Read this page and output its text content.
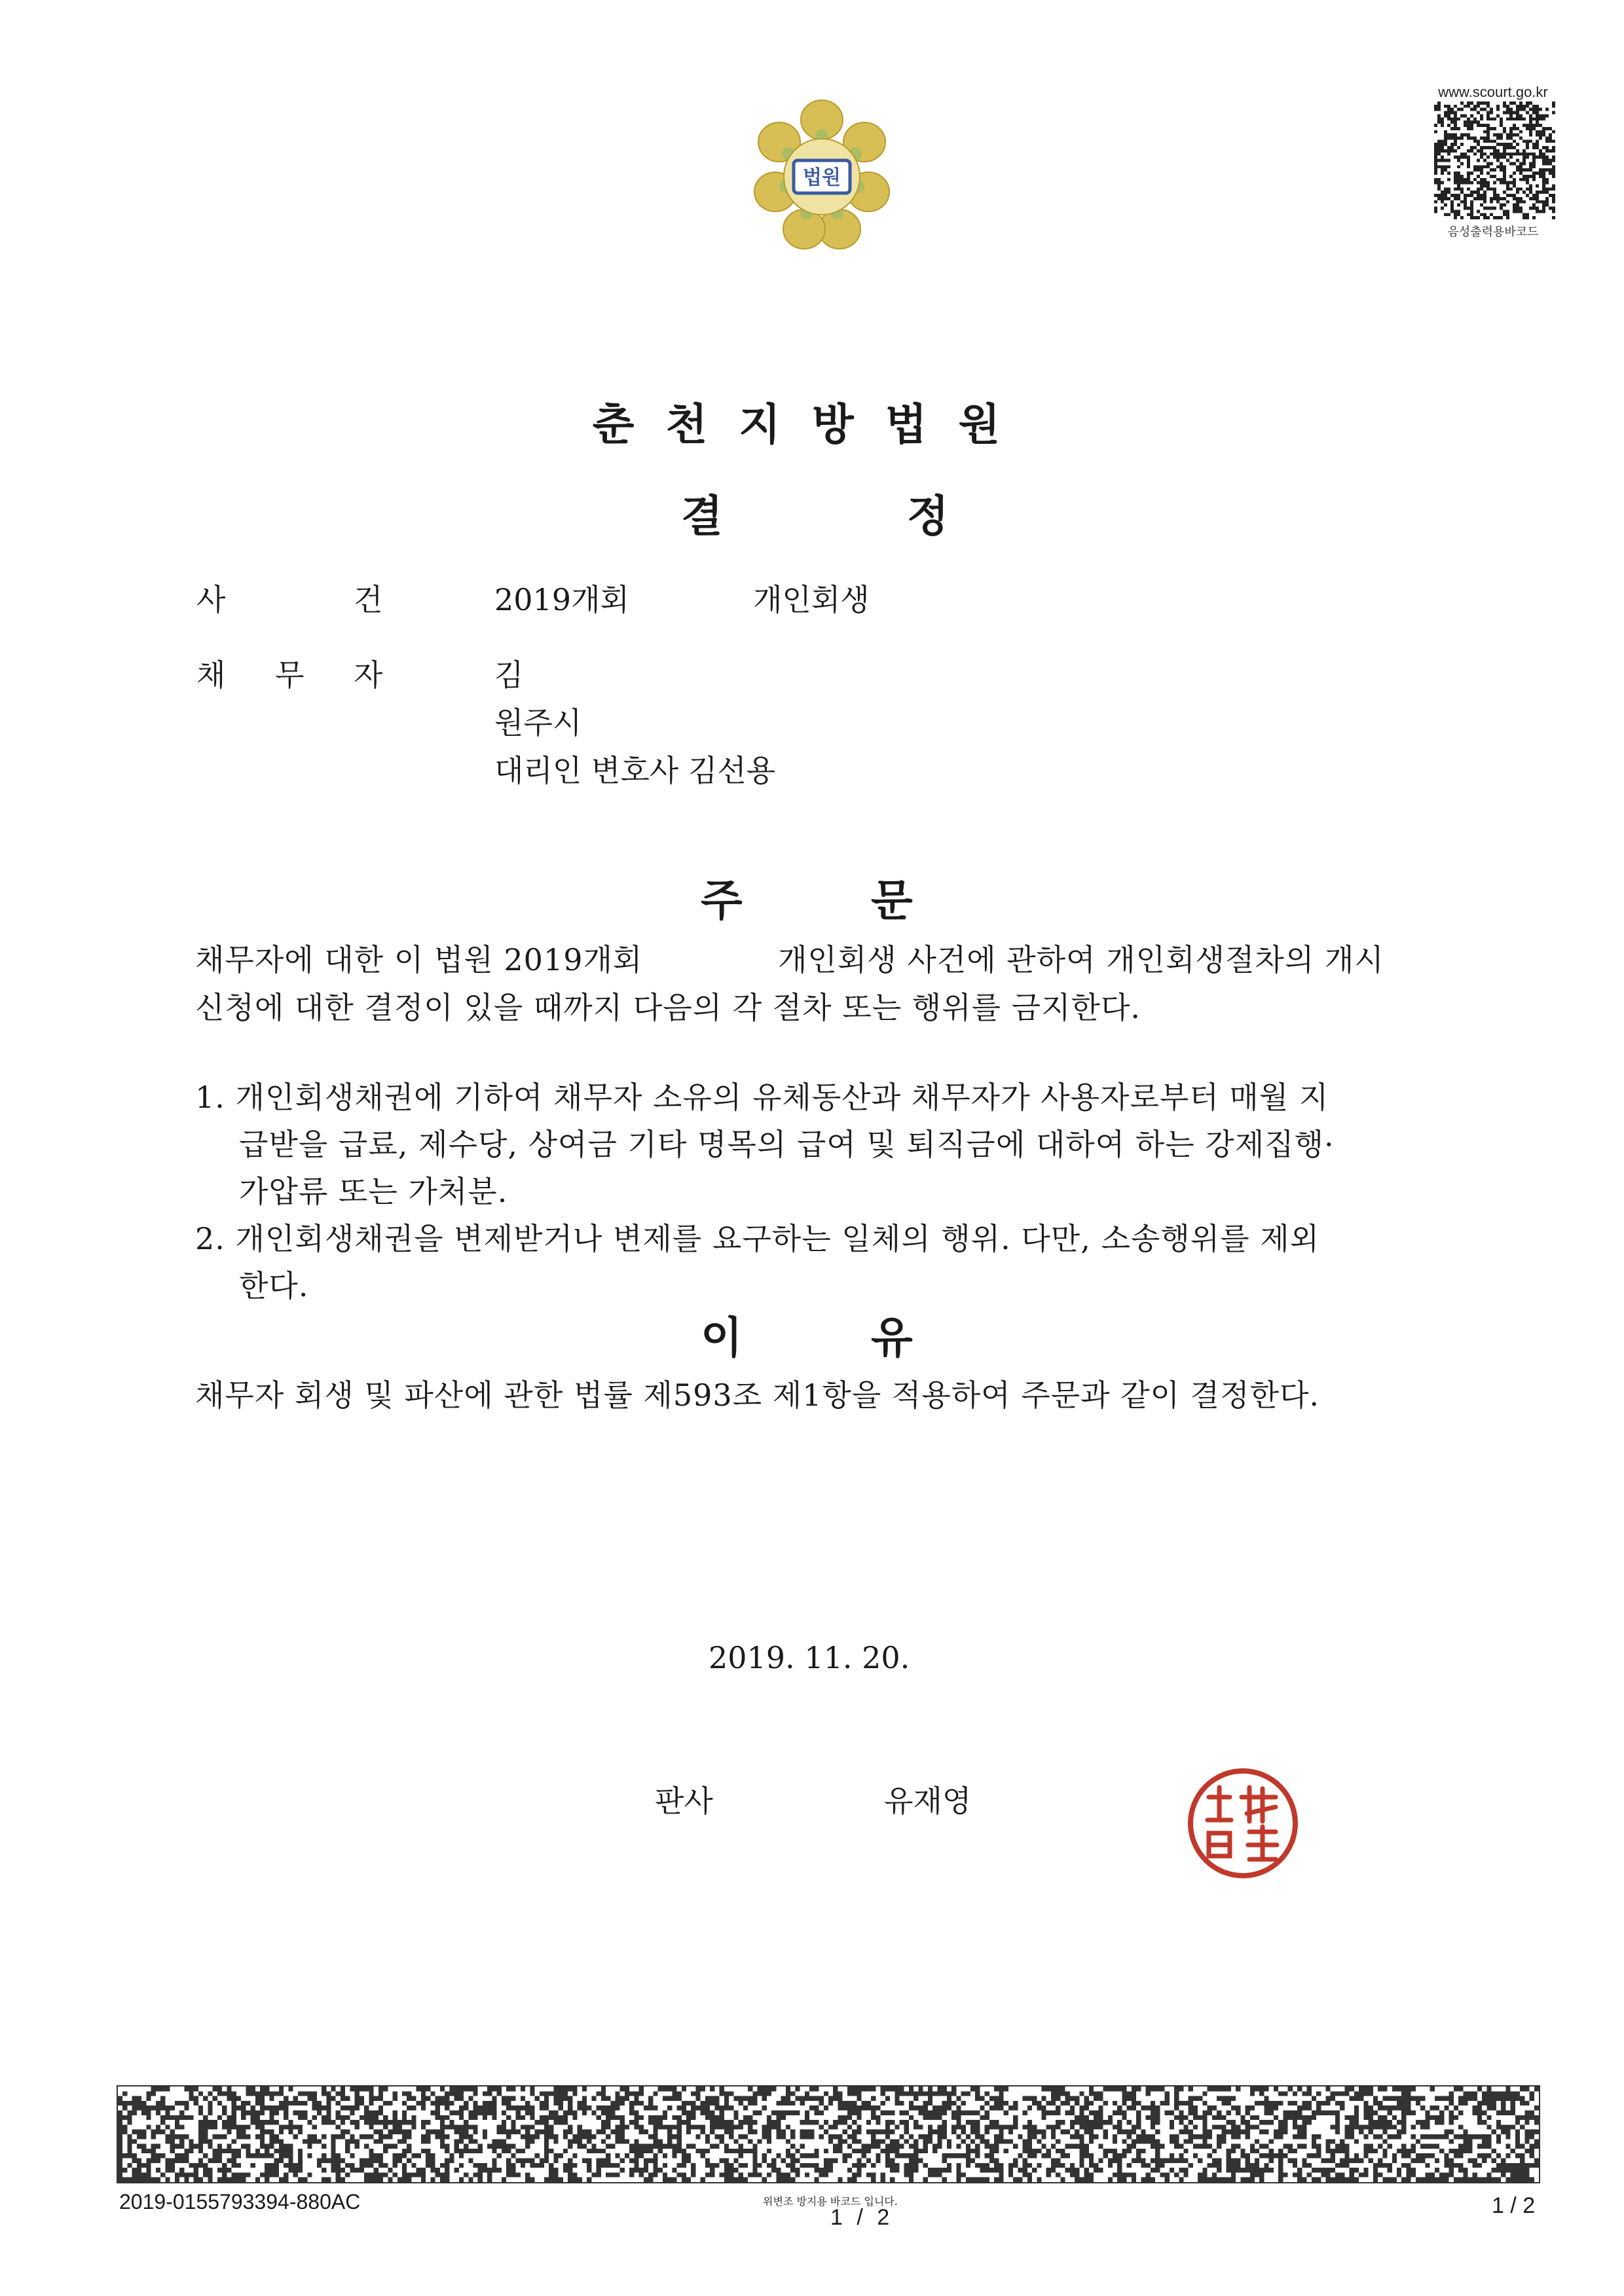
법원
www.scourt.go.kr
음성출력용바코드
춘천지방법원
결	정
사	건	2019개회	개인회생
채 무 자	김
원주시
대리인 변호사 김선용
주	문
채무자에 대한 이 법원 2019개회	개인회생 사건에 관하여 개인회생절차의 개시
신청에 대한 결정이 있을 때까지 다음의 각 절차 또는 행위를 금지한다.
1. 개인회생채권에 기하여 채무자 소유의 유체동산과 채무자가 사용자로부터 매월 지
급받을 급료, 제수당, 상여금 기타 명목의 급여 및 퇴직금에 대하여 하는 강제집행·
가압류 또는 가처분.
2. 개인회생채권을 변제받거나 변제를 요구하는 일체의 행위. 다만, 소송행위를 제외
한다.
이	유
채무자 회생 및 파산에 관한 법률 제593조 제1항을 적용하여 주문과 같이 결정한다.
2019. 11. 20.
판사	유재영
2019-0155793394-880AC	위변조 방지용 바코드 입니다.
1 / 2	1 / 2
